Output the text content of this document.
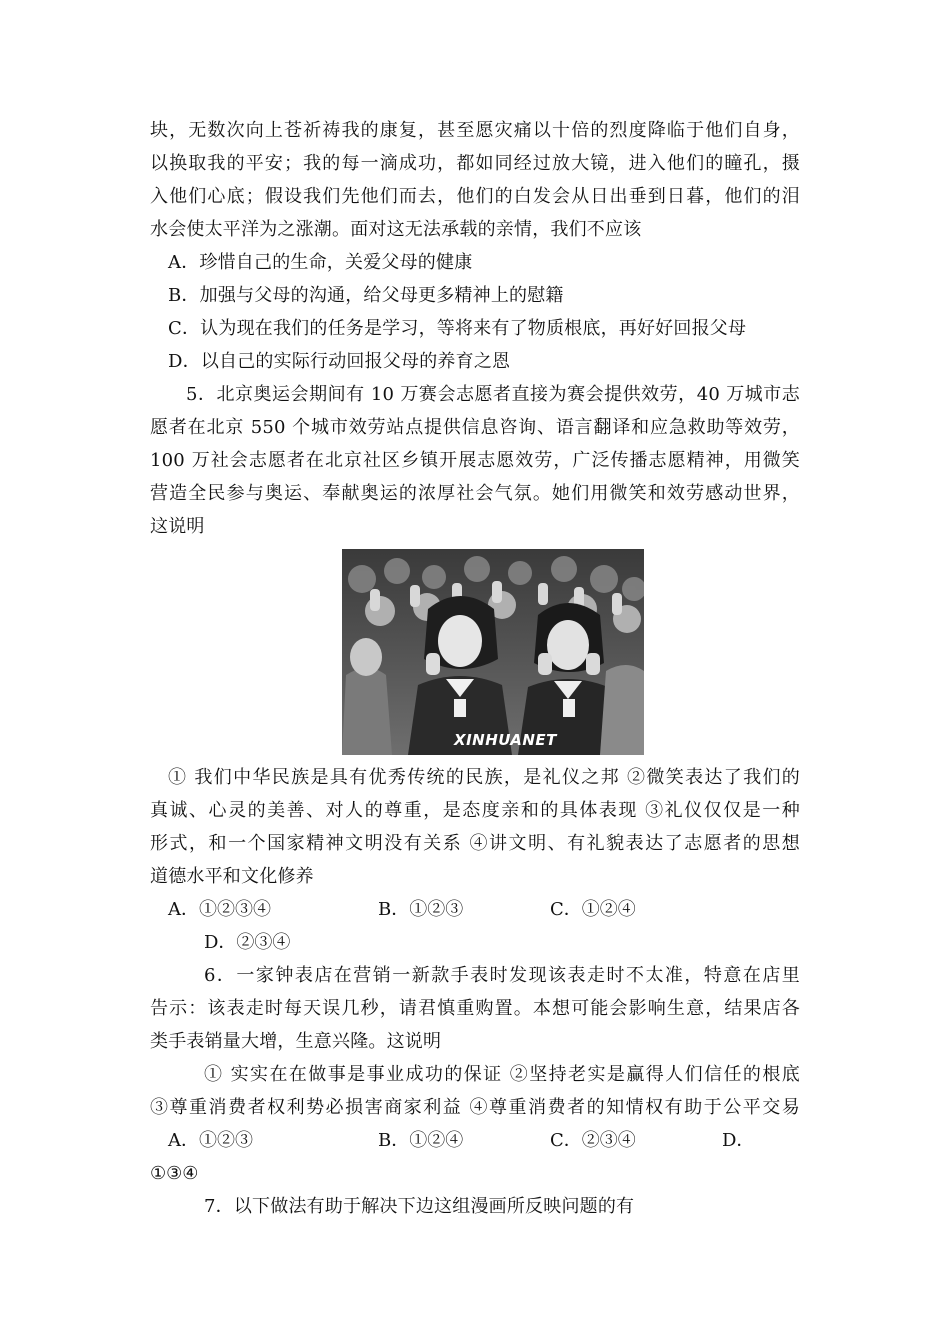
块，无数次向上苍祈祷我的康复，甚至愿灾痛以十倍的烈度降临于他们自身，
以换取我的平安；我的每一滴成功，都如同经过放大镜，进入他们的瞳孔，摄
入他们心底；假设我们先他们而去，他们的白发会从日出垂到日暮，他们的泪
水会使太平洋为之涨潮。面对这无法承载的亲情，我们不应该
A．珍惜自己的生命，关爱父母的健康
B．加强与父母的沟通，给父母更多精神上的慰籍
C．认为现在我们的任务是学习，等将来有了物质根底，再好好回报父母
D．以自己的实际行动回报父母的养育之恩
5．北京奥运会期间有 10 万赛会志愿者直接为赛会提供效劳，40 万城市志
愿者在北京 550 个城市效劳站点提供信息咨询、语言翻译和应急救助等效劳，
100 万社会志愿者在北京社区乡镇开展志愿效劳，广泛传播志愿精神，用微笑
营造全民参与奥运、奉献奥运的浓厚社会气氛。她们用微笑和效劳感动世界，
这说明
XINHUANET
① 我们中华民族是具有优秀传统的民族，是礼仪之邦 ②微笑表达了我们的
真诚、心灵的美善、对人的尊重，是态度亲和的具体表现 ③礼仪仅仅是一种
形式，和一个国家精神文明没有关系 ④讲文明、有礼貌表达了志愿者的思想
道德水平和文化修养
A．①②③④	B．①②③	C．①②④
D．②③④
6．一家钟表店在营销一新款手表时发现该表走时不太准，特意在店里
告示：该表走时每天误几秒，请君慎重购置。本想可能会影响生意，结果店各
类手表销量大增，生意兴隆。这说明
① 实实在在做事是事业成功的保证 ②坚持老实是赢得人们信任的根底
③尊重消费者权利势必损害商家利益 ④尊重消费者的知情权有助于公平交易
A．①②③	B．①②④	C．②③④	D．
①③④
7．以下做法有助于解决下边这组漫画所反映问题的有
